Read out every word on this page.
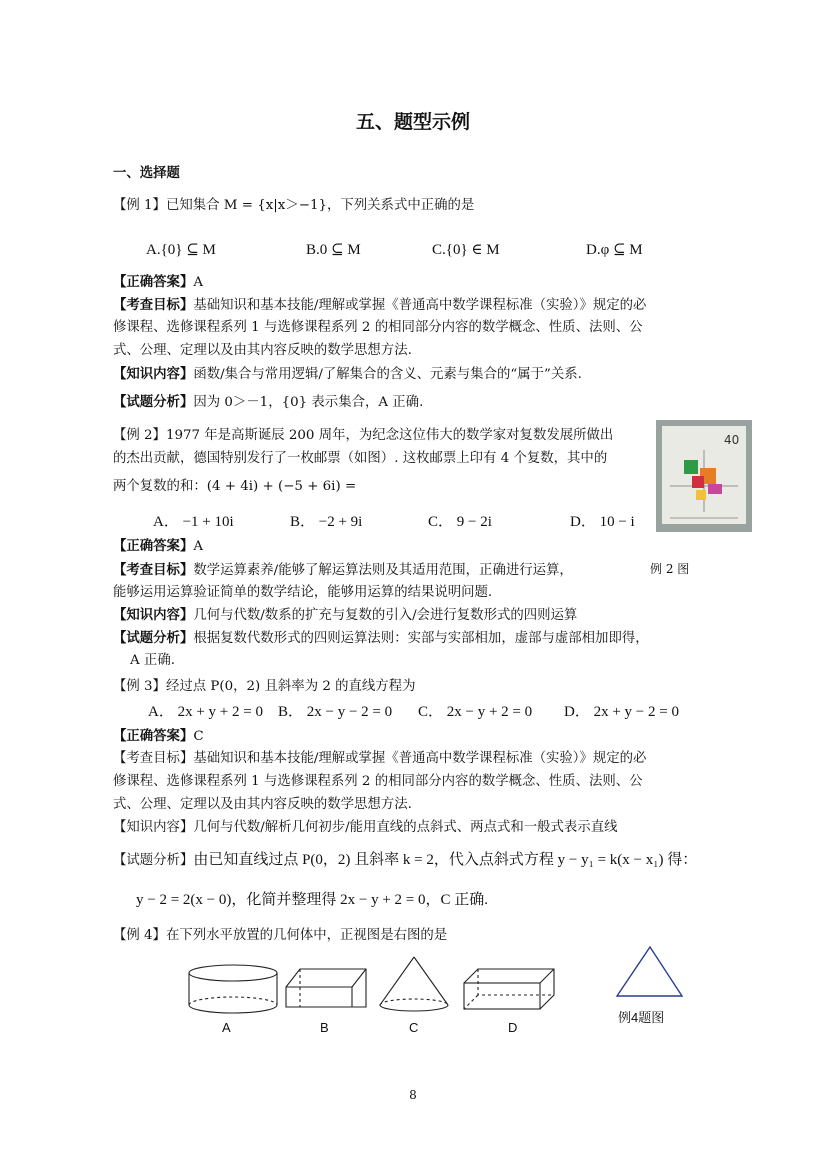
五、题型示例
一、选择题
【例 1】已知集合 M = {x|x＞−1}，下列关系式中正确的是
A.{0} ⊆ M	B.0 ⊆ M	C.{0} ∈ M	D.φ ⊆ M
【正确答案】A
【考查目标】基础知识和基本技能/理解或掌握《普通高中数学课程标准（实验）》规定的必
修课程、选修课程系列 1 与选修课程系列 2 的相同部分内容的数学概念、性质、法则、公
式、公理、定理以及由其内容反映的数学思想方法.
【知识内容】函数/集合与常用逻辑/了解集合的含义、元素与集合的“属于”关系.
【试题分析】因为 0＞－1，{0} 表示集合，A 正确.
【例 2】1977 年是高斯诞辰 200 周年，为纪念这位伟大的数学家对复数发展所做出
的杰出贡献，德国特别发行了一枚邮票（如图）. 这枚邮票上印有 4 个复数，其中的
两个复数的和：(4 + 4i) + (−5 + 6i) =
40
A． −1 + 10i	B． −2 + 9i	C． 9 − 2i	D． 10 − i
【正确答案】A
【考查目标】数学运算素养/能够了解运算法则及其适用范围，正确进行运算，	例 2 图
能够运用运算验证简单的数学结论，能够用运算的结果说明问题.
【知识内容】几何与代数/数系的扩充与复数的引入/会进行复数形式的四则运算
【试题分析】根据复数代数形式的四则运算法则：实部与实部相加，虚部与虚部相加即得，
A 正确.
【例 3】经过点 P(0，2) 且斜率为 2 的直线方程为
A． 2x + y + 2 = 0 B． 2x − y − 2 = 0 C． 2x − y + 2 = 0 D． 2x + y − 2 = 0
【正确答案】C
【考查目标】基础知识和基本技能/理解或掌握《普通高中数学课程标准（实验）》规定的必
修课程、选修课程系列 1 与选修课程系列 2 的相同部分内容的数学概念、性质、法则、公
式、公理、定理以及由其内容反映的数学思想方法.
【知识内容】几何与代数/解析几何初步/能用直线的点斜式、两点式和一般式表示直线
【试题分析】由已知直线过点 P(0，2) 且斜率 k = 2，代入点斜式方程 y − y₁ = k(x − x₁) 得：
y − 2 = 2(x − 0)，化简并整理得 2x − y + 2 = 0，C 正确.
【例 4】在下列水平放置的几何体中，正视图是右图的是
A	B	C	D
例4题图
8
